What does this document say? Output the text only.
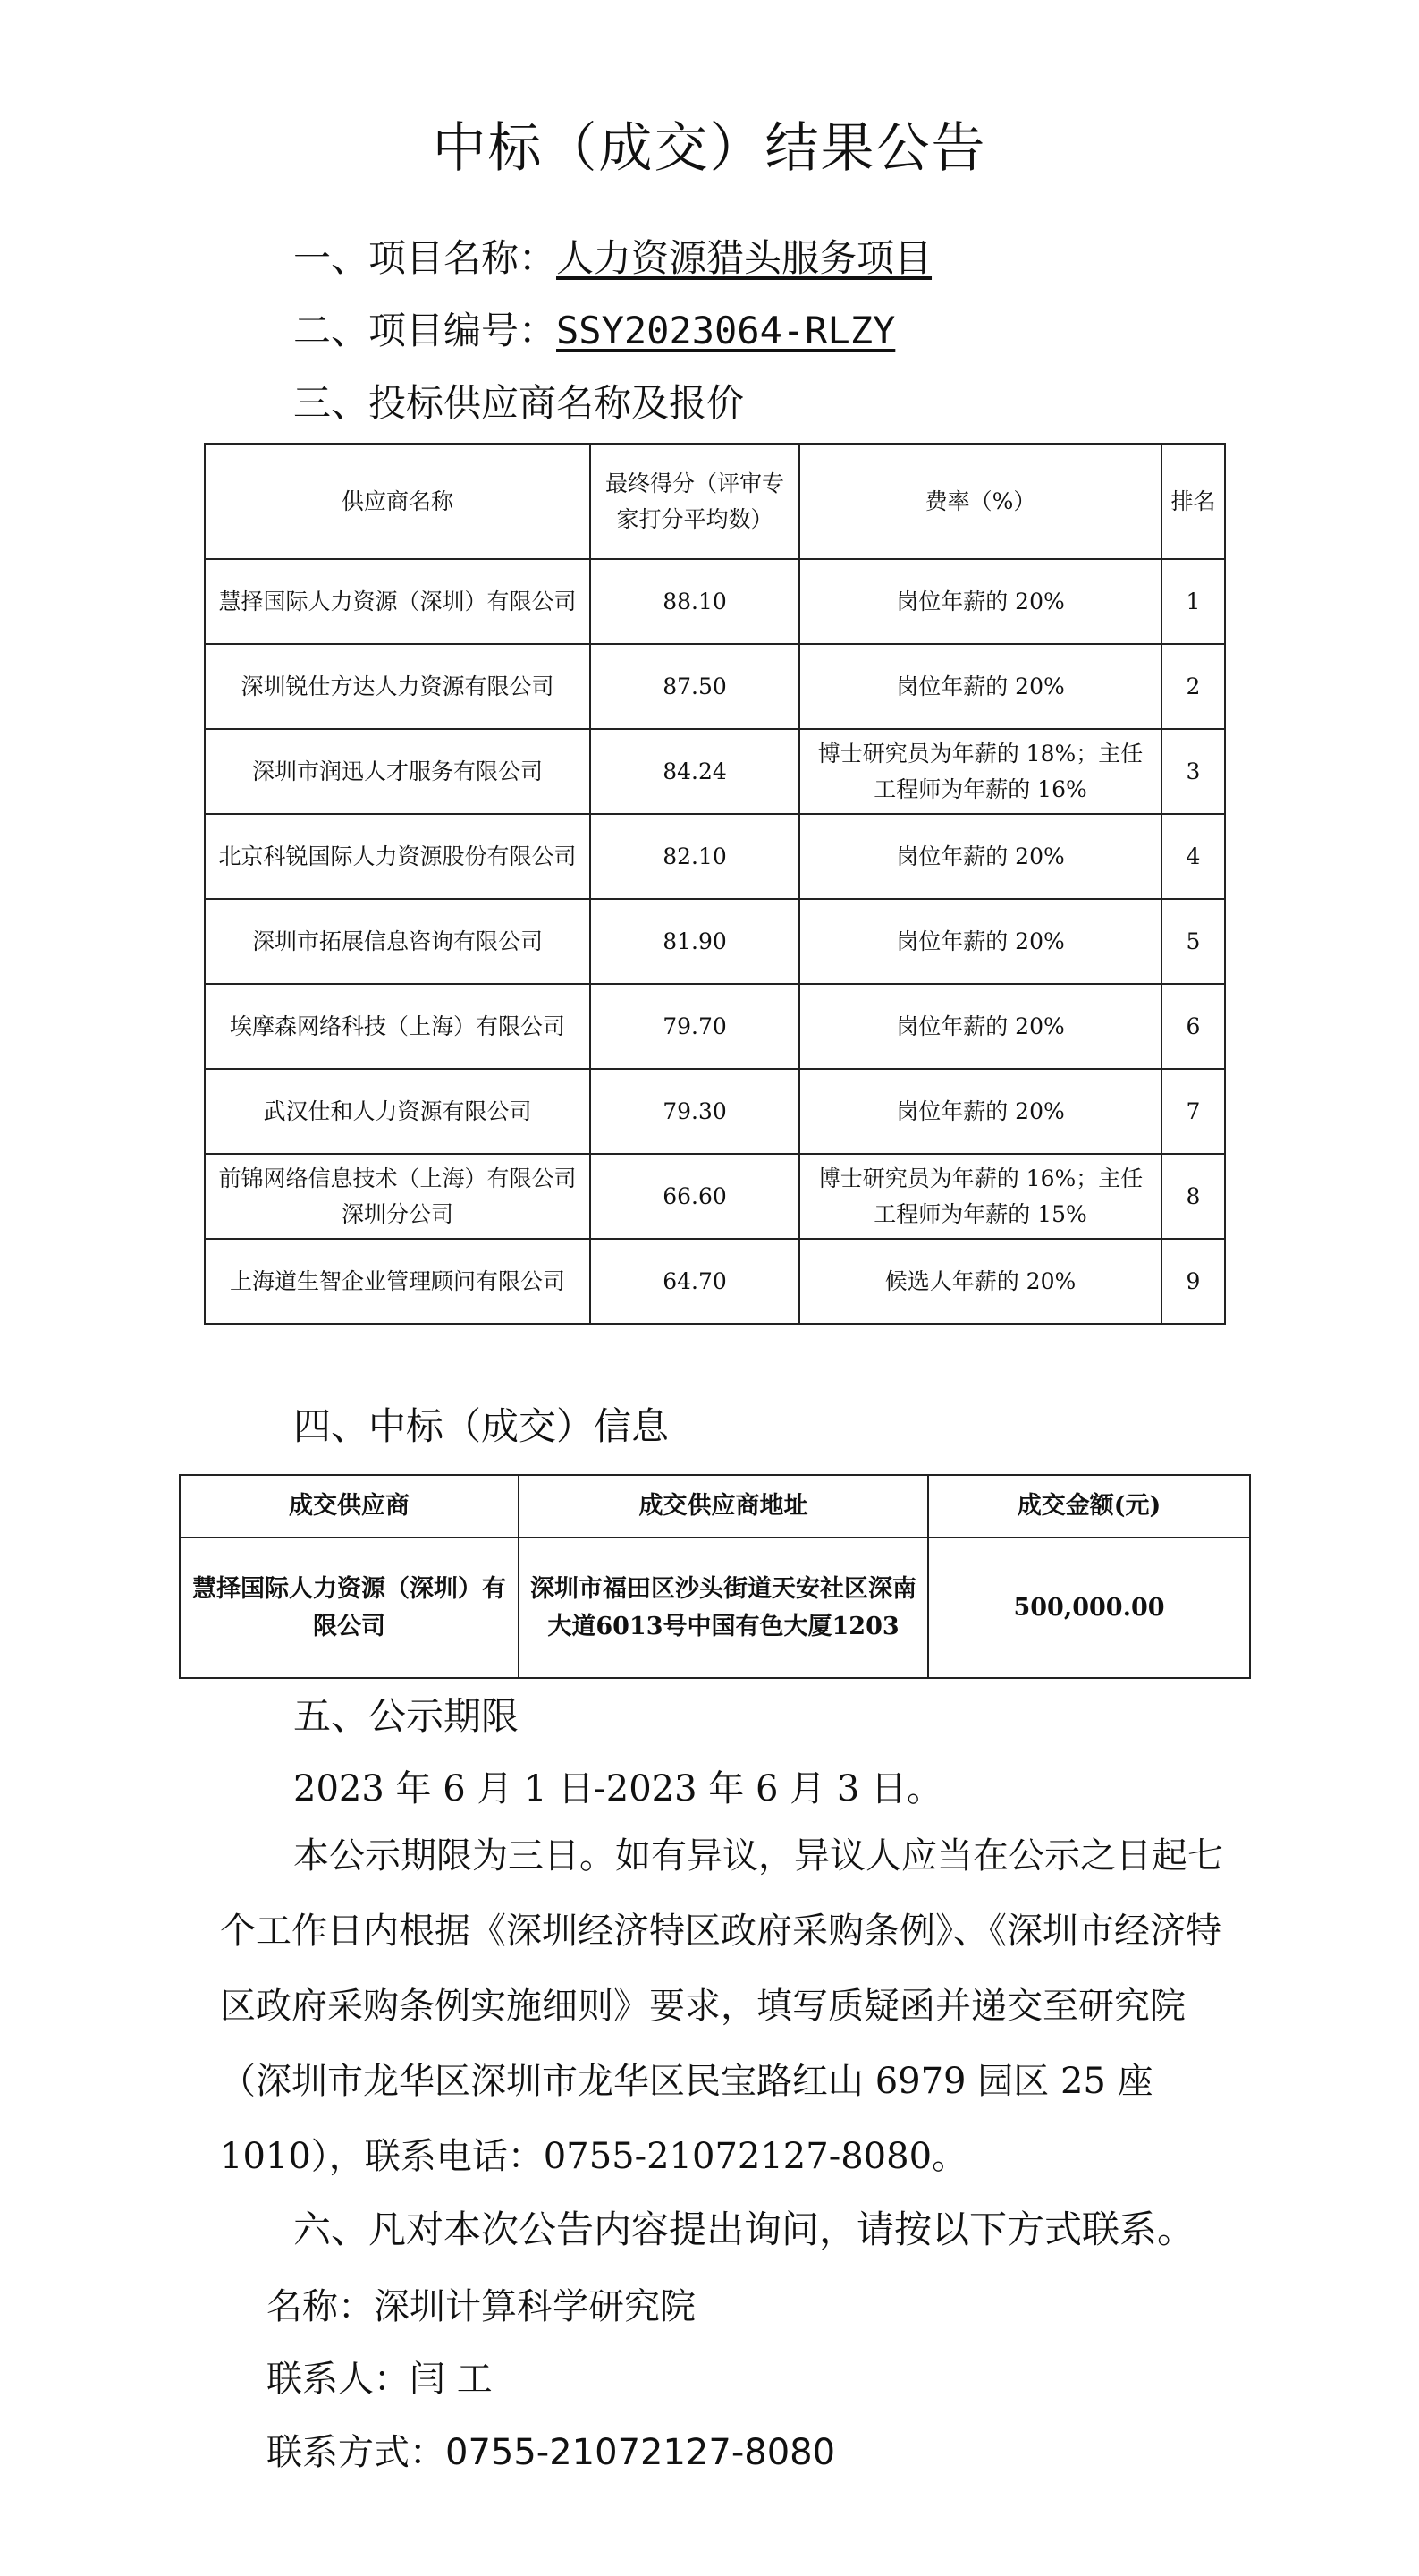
中标（成交）结果公告
一、项目名称：人力资源猎头服务项目
二、项目编号：SSY2023064-RLZY
三、投标供应商名称及报价
供应商名称	最终得分（评审专家打分平均数）	费率（%）	排名
慧择国际人力资源（深圳）有限公司	88.10	岗位年薪的 20%	1
深圳锐仕方达人力资源有限公司	87.50	岗位年薪的 20%	2
深圳市润迅人才服务有限公司	84.24	博士研究员为年薪的 18%；主任工程师为年薪的 16%	3
北京科锐国际人力资源股份有限公司	82.10	岗位年薪的 20%	4
深圳市拓展信息咨询有限公司	81.90	岗位年薪的 20%	5
埃摩森网络科技（上海）有限公司	79.70	岗位年薪的 20%	6
武汉仕和人力资源有限公司	79.30	岗位年薪的 20%	7
前锦网络信息技术（上海）有限公司深圳分公司	66.60	博士研究员为年薪的 16%；主任工程师为年薪的 15%	8
上海道生智企业管理顾问有限公司	64.70	候选人年薪的 20%	9
四、中标（成交）信息
成交供应商	成交供应商地址	成交金额(元)
慧择国际人力资源（深圳）有限公司	深圳市福田区沙头街道天安社区深南大道6013号中国有色大厦1203	500,000.00
五、公示期限
2023 年 6 月 1 日-2023 年 6 月 3 日。

本公示期限为三日。如有异议，异议人应当在公示之日起七个工作日内根据《深圳经济特区政府采购条例》、《深圳市经济特区政府采购条例实施细则》要求，填写质疑函并递交至研究院（深圳市龙华区深圳市龙华区民宝路红山 6979 园区 25 座 1010），联系电话：0755-21072127-8080。

六、凡对本次公告内容提出询问，请按以下方式联系。
名称：深圳计算科学研究院
联系人：闫 工
联系方式：0755-21072127-8080
